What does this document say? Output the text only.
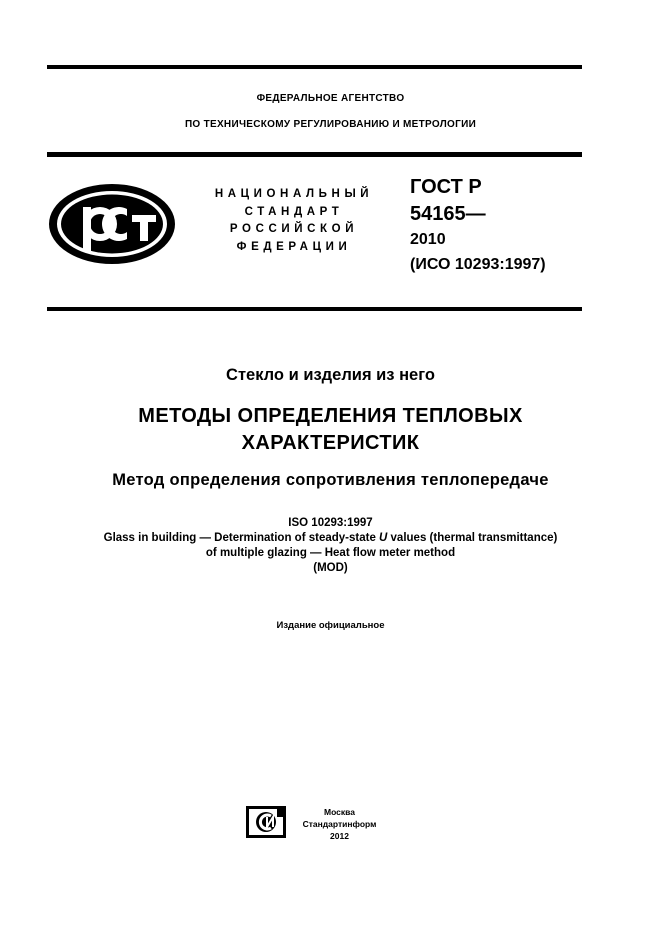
ФЕДЕРАЛЬНОЕ АГЕНТСТВО
ПО ТЕХНИЧЕСКОМУ РЕГУЛИРОВАНИЮ И МЕТРОЛОГИИ
НАЦИОНАЛЬНЫЙ
СТАНДАРТ
РОССИЙСКОЙ
ФЕДЕРАЦИИ
ГОСТ Р
54165—
2010
(ИСО 10293:1997)
Стекло и изделия из него
МЕТОДЫ ОПРЕДЕЛЕНИЯ ТЕПЛОВЫХ
ХАРАКТЕРИСТИК
Метод определения сопротивления теплопередаче
ISO 10293:1997
Glass in building — Determination of steady-state U values (thermal transmittance)
of multiple glazing — Heat flow meter method
(MOD)
Издание официальное
Москва
Стандартинформ
2012
